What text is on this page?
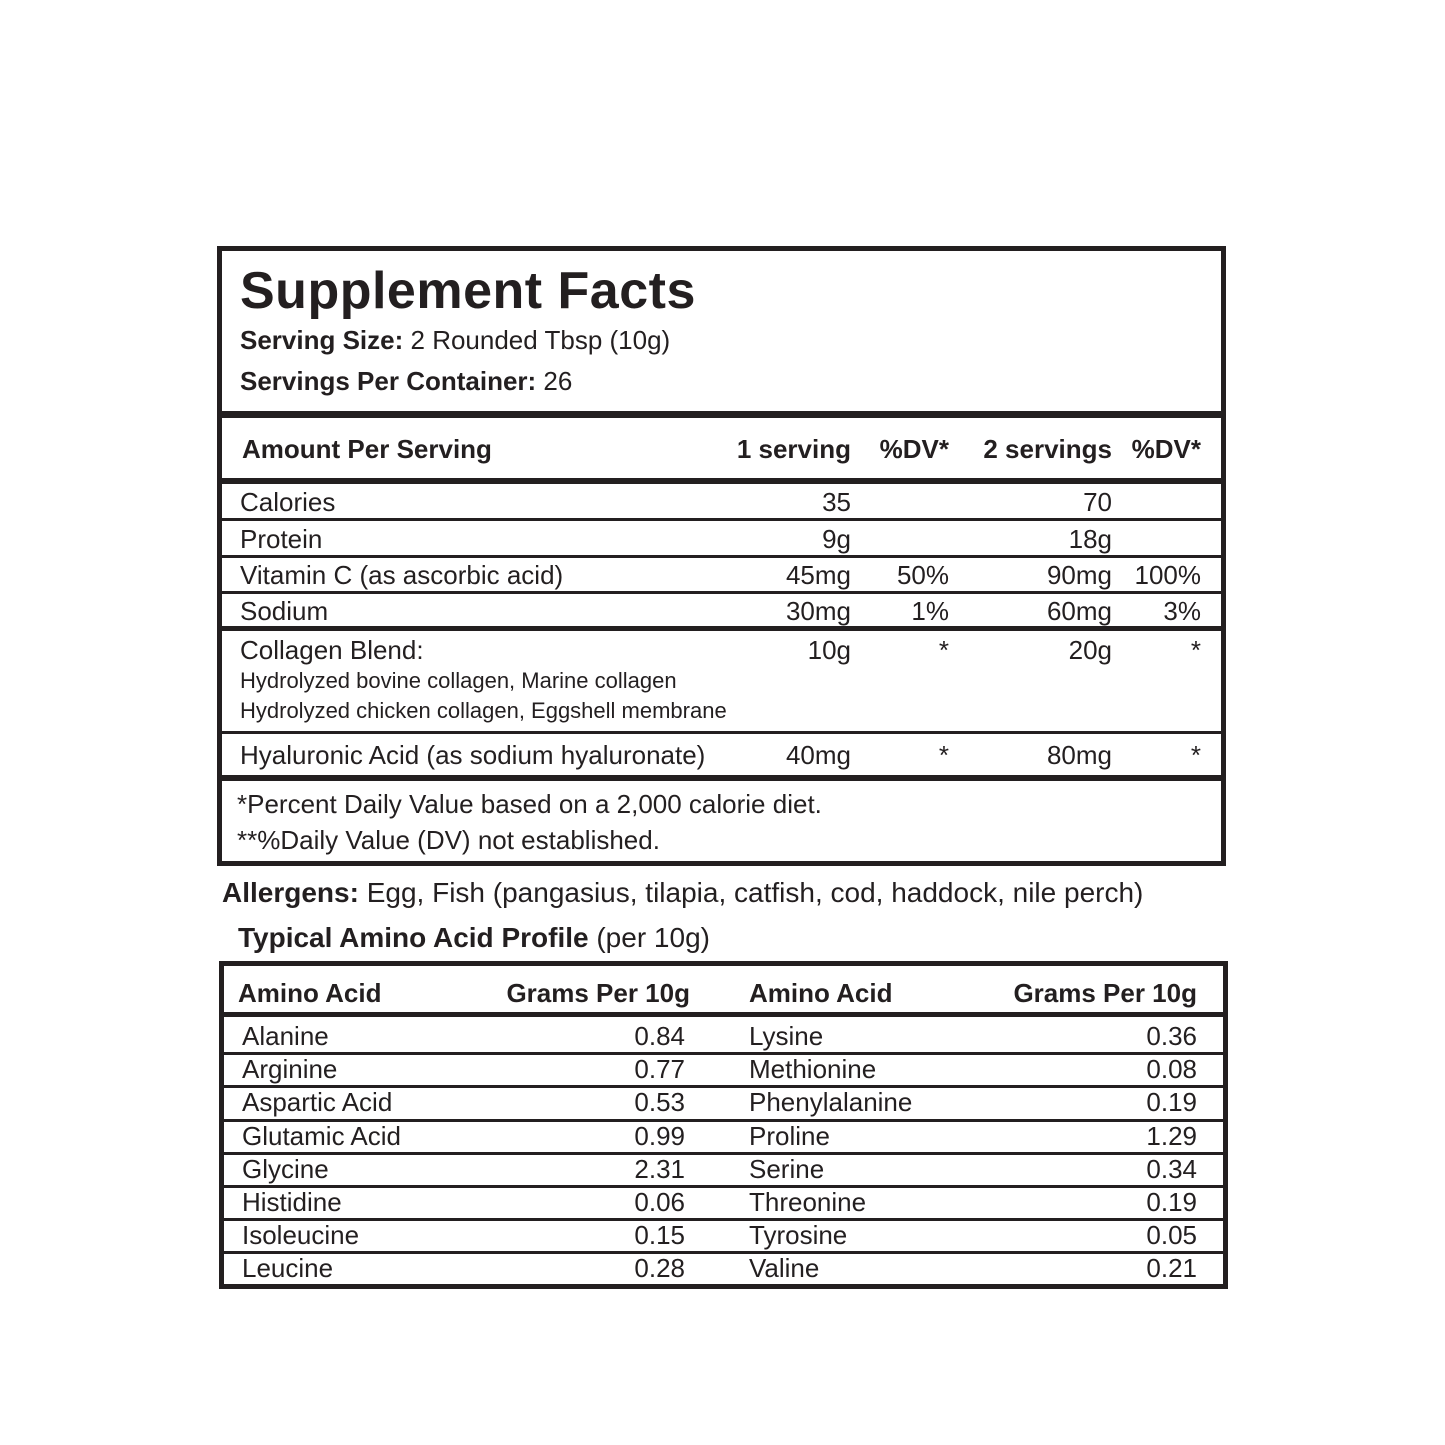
Supplement Facts
Serving Size: 2 Rounded Tbsp (10g)
Servings Per Container: 26
Amount Per Serving	1 serving %DV* 2 servings %DV*
Calories	35	70
Protein	9g	18g
Vitamin C (as ascorbic acid)	45mg 50%	90mg 100%
Sodium	30mg 1%	60mg 3%
Collagen Blend:	10g	*	20g	*
Hydrolyzed bovine collagen, Marine collagen
Hydrolyzed chicken collagen, Eggshell membrane
Hyaluronic Acid (as sodium hyaluronate)	40mg	*	80mg	*
*Percent Daily Value based on a 2,000 calorie diet.
**%Daily Value (DV) not established.
Allergens: Egg, Fish (pangasius, tilapia, catfish, cod, haddock, nile perch)
Typical Amino Acid Profile (per 10g)
Amino Acid	Grams Per 10g Amino Acid	Grams Per 10g
Alanine	0.84 Lysine	0.36
Arginine	0.77 Methionine	0.08
Aspartic Acid	0.53 Phenylalanine	0.19
Glutamic Acid	0.99 Proline	1.29
Glycine	2.31 Serine	0.34
Histidine	0.06 Threonine	0.19
Isoleucine	0.15 Tyrosine	0.05
Leucine	0.28 Valine	0.21
